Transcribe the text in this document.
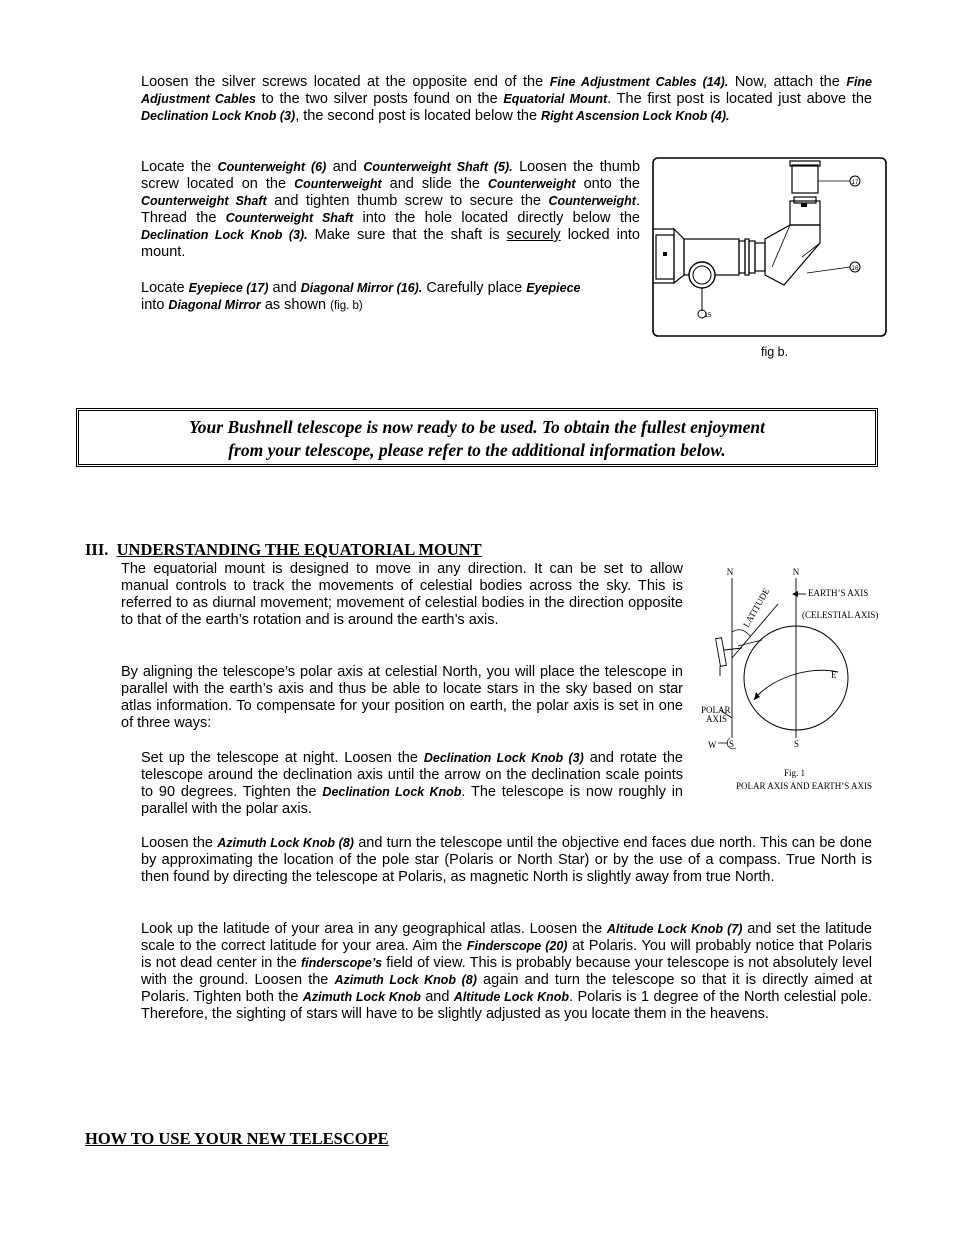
Loosen the silver screws located at the opposite end of the Fine Adjustment Cables (14). Now, attach the Fine Adjustment Cables to the two silver posts found on the Equatorial Mount. The first post is located just above the Declination Lock Knob (3), the second post is located below the Right Ascension Lock Knob (4).
Locate the Counterweight (6) and Counterweight Shaft (5). Loosen the thumb screw located on the Counterweight and slide the Counterweight onto the Counterweight Shaft and tighten thumb screw to secure the Counterweight. Thread the Counterweight Shaft into the hole located directly below the Declination Lock Knob (3). Make sure that the shaft is securely locked into mount.
Locate Eyepiece (17) and Diagonal Mirror (16). Carefully place Eyepiece
into Diagonal Mirror as shown (fig. b)
17
16
15
fig b.
Your Bushnell telescope is now ready to be used. To obtain the fullest enjoyment
from your telescope, please refer to the additional information below.
III. UNDERSTANDING THE EQUATORIAL MOUNT
The equatorial mount is designed to move in any direction. It can be set to allow manual controls to track the movements of celestial bodies across the sky. This is referred to as diurnal movement; movement of celestial bodies in the direction opposite to that of the earth’s rotation and is around the earth’s axis.
By aligning the telescope’s polar axis at celestial North, you will place the telescope in parallel with the earth’s axis and thus be able to locate stars in the sky based on star atlas information. To compensate for your position on earth, the polar axis is set in one of three ways:
Set up the telescope at night. Loosen the Declination Lock Knob (3) and rotate the telescope around the declination axis until the arrow on the declination scale points to 90 degrees. Tighten the Declination Lock Knob. The telescope is now roughly in parallel with the polar axis.
Loosen the Azimuth Lock Knob (8) and turn the telescope until the objective end faces due north. This can be done by approximating the location of the pole star (Polaris or North Star) or by the use of a compass. True North is then found by directing the telescope at Polaris, as magnetic North is slightly away from true North.
Look up the latitude of your area in any geographical atlas. Loosen the Altitude Lock Knob (7) and set the latitude scale to the correct latitude for your area. Aim the Finderscope (20) at Polaris. You will probably notice that Polaris is not dead center in the finderscope’s field of view. This is probably because your telescope is not absolutely level with the ground. Loosen the Azimuth Lock Knob (8) again and turn the telescope so that it is directly aimed at Polaris. Tighten both the Azimuth Lock Knob and Altitude Lock Knob. Polaris is 1 degree of the North celestial pole. Therefore, the sighting of stars will have to be slightly adjusted as you locate them in the heavens.
N	N
LATITUDE	EARTH’S AXIS
(CELESTIAL AXIS)
E
POLAR
AXIS
W S	S
Fig. 1
POLAR AXIS AND EARTH’S AXIS
HOW TO USE YOUR NEW TELESCOPE
